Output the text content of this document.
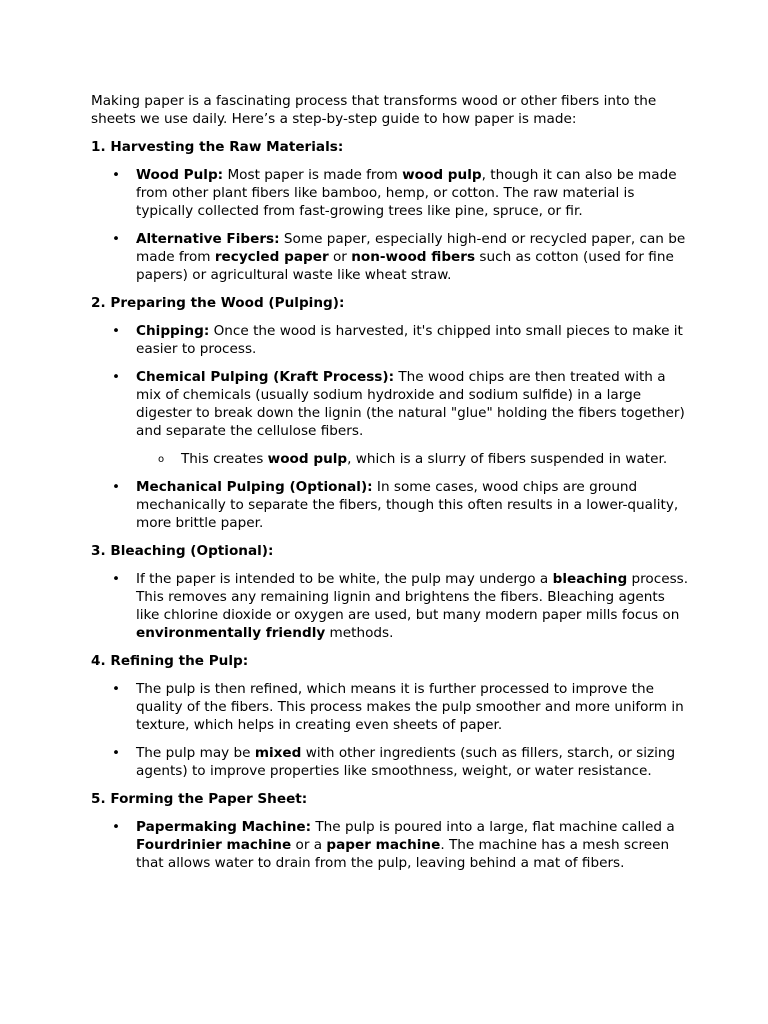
Making paper is a fascinating process that transforms wood or other fibers into the sheets we use daily. Here’s a step-by-step guide to how paper is made:

1. Harvesting the Raw Materials:

• Wood Pulp: Most paper is made from wood pulp, though it can also be made from other plant fibers like bamboo, hemp, or cotton. The raw material is typically collected from fast-growing trees like pine, spruce, or fir.
• Alternative Fibers: Some paper, especially high-end or recycled paper, can be made from recycled paper or non-wood fibers such as cotton (used for fine papers) or agricultural waste like wheat straw.

2. Preparing the Wood (Pulping):

• Chipping: Once the wood is harvested, it's chipped into small pieces to make it easier to process.
• Chemical Pulping (Kraft Process): The wood chips are then treated with a mix of chemicals (usually sodium hydroxide and sodium sulfide) in a large digester to break down the lignin (the natural "glue" holding the fibers together) and separate the cellulose fibers.
o This creates wood pulp, which is a slurry of fibers suspended in water.
• Mechanical Pulping (Optional): In some cases, wood chips are ground mechanically to separate the fibers, though this often results in a lower-quality, more brittle paper.

3. Bleaching (Optional):

• If the paper is intended to be white, the pulp may undergo a bleaching process. This removes any remaining lignin and brightens the fibers. Bleaching agents like chlorine dioxide or oxygen are used, but many modern paper mills focus on environmentally friendly methods.

4. Refining the Pulp:

• The pulp is then refined, which means it is further processed to improve the quality of the fibers. This process makes the pulp smoother and more uniform in texture, which helps in creating even sheets of paper.
• The pulp may be mixed with other ingredients (such as fillers, starch, or sizing agents) to improve properties like smoothness, weight, or water resistance.

5. Forming the Paper Sheet:

• Papermaking Machine: The pulp is poured into a large, flat machine called a Fourdrinier machine or a paper machine. The machine has a mesh screen that allows water to drain from the pulp, leaving behind a mat of fibers.
